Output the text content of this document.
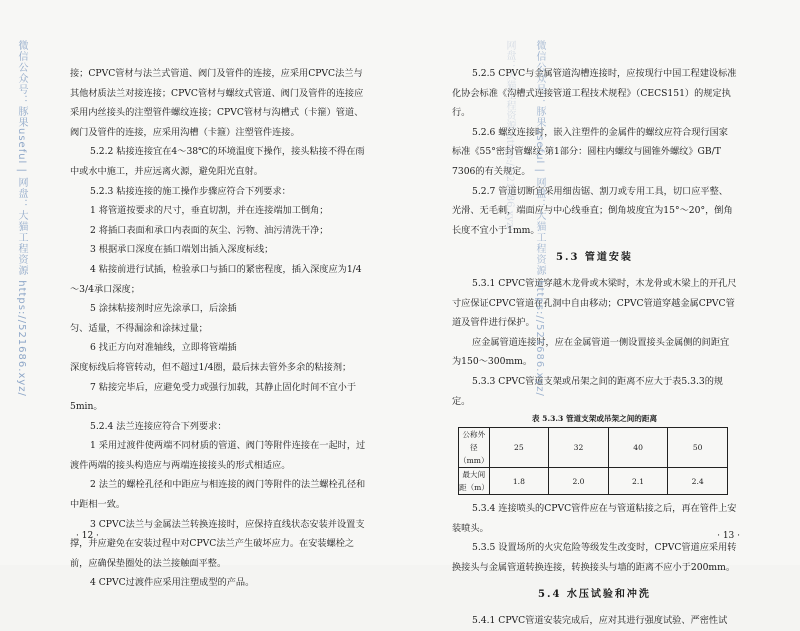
接；CPVC管材与法兰式管道、阀门及管件的连接，应采用CPVC法兰与其他材质法兰对接连接；CPVC管材与螺纹式管道、阀门及管件的连接应采用内丝接头的注塑管件螺纹连接；CPVC管材与沟槽式（卡箍）管道、阀门及管件的连接，应采用沟槽（卡箍）注塑管件连接。

5.2.2 粘接连接宜在4～38℃的环境温度下操作，接头粘接不得在雨中或水中施工，并应远离火源，避免阳光直射。

5.2.3 粘接连接的施工操作步骤应符合下列要求：

1 将管道按要求的尺寸，垂直切割，并在连接端加工倒角；

2 将插口表面和承口内表面的灰尘、污物、油污清洗干净；

3 根据承口深度在插口端划出插入深度标线；

4 粘接前进行试插，检验承口与插口的紧密程度，插入深度应为1/4～3/4承口深度；

5 涂抹粘接剂时应先涂承口，后涂插

匀、适量，不得漏涂和涂抹过量；

6 找正方向对准轴线，立即将管端插

深度标线后将管转动，但不超过1/4圈，最后抹去管外多余的粘接剂；

7 粘接完毕后，应避免受力或强行加载，其静止固化时间不宜小于5min。

5.2.4 法兰连接应符合下列要求：

1 采用过渡件使两端不同材质的管道、阀门等附件连接在一起时，过渡件两端的接头构造应与两端连接接头的形式相适应。

2 法兰的螺栓孔径和中距应与相连接的阀门等附件的法兰螺栓孔径和中距相一致。

3 CPVC法兰与金属法兰转换连接时，应保持直线状态安装并设置支撑，并应避免在安装过程中对CPVC法兰产生破坏应力。在安装螺栓之前，应确保垫圈处的法兰接触面平整。

4 CPVC过渡件应采用注塑成型的产品。

· 12 ·	· 13 ·

5.2.5 CPVC与金属管道沟槽连接时，应按现行中国工程建设标准化协会标准《沟槽式连接管道工程技术规程》（CECS151）的规定执行。

5.2.6 螺纹连接时，嵌入注塑件的金属件的螺纹应符合现行国家标准《55°密封管螺纹 第1部分：圆柱内螺纹与圆锥外螺纹》GB/T 7306的有关规定。

5.2.7 管道切断宜采用细齿锯、割刀或专用工具，切口应平整、光滑、无毛刺，端面应与中心线垂直；倒角坡度宜为15°～20°，倒角长度不宜小于1mm。

5.3 管道安装

5.3.1 CPVC管道穿越木龙骨或木梁时，木龙骨或木梁上的开孔尺寸应保证CPVC管道在孔洞中自由移动；CPVC管道穿越金属CPVC管道及管件进行保护。

应金属管道连接时，应在金属管道一侧设置接头金属侧的间距宜为150～300mm。

5.3.3 CPVC管道支架或吊架之间的距离不应大于表5.3.3的规定。

表 5.3.3 管道支架或吊架之间的距离

公称外径（mm）	25	32	40	50
最大间距（m）	1.8	2.0	2.1	2.4

5.3.4 连接喷头的CPVC管件应在与管道粘接之后，再在管件上安装喷头。

5.3.5 设置场所的火灾危险等级发生改变时，CPVC管道应采用转换接头与金属管道转换连接，转换接头与墙的距离不应小于200mm。

5.4 水压试验和冲洗

5.4.1 CPVC管道安装完成后，应对其进行强度试验、严密性试

微信公众号：豚果useful | 网盘：大猫工程资源 https://521686.xyz/	微信公众号：豚果useful | 网盘：大猫工程资源 https://521686.xyz/
网盘：大猫工程资源 https://521686.xyz/
